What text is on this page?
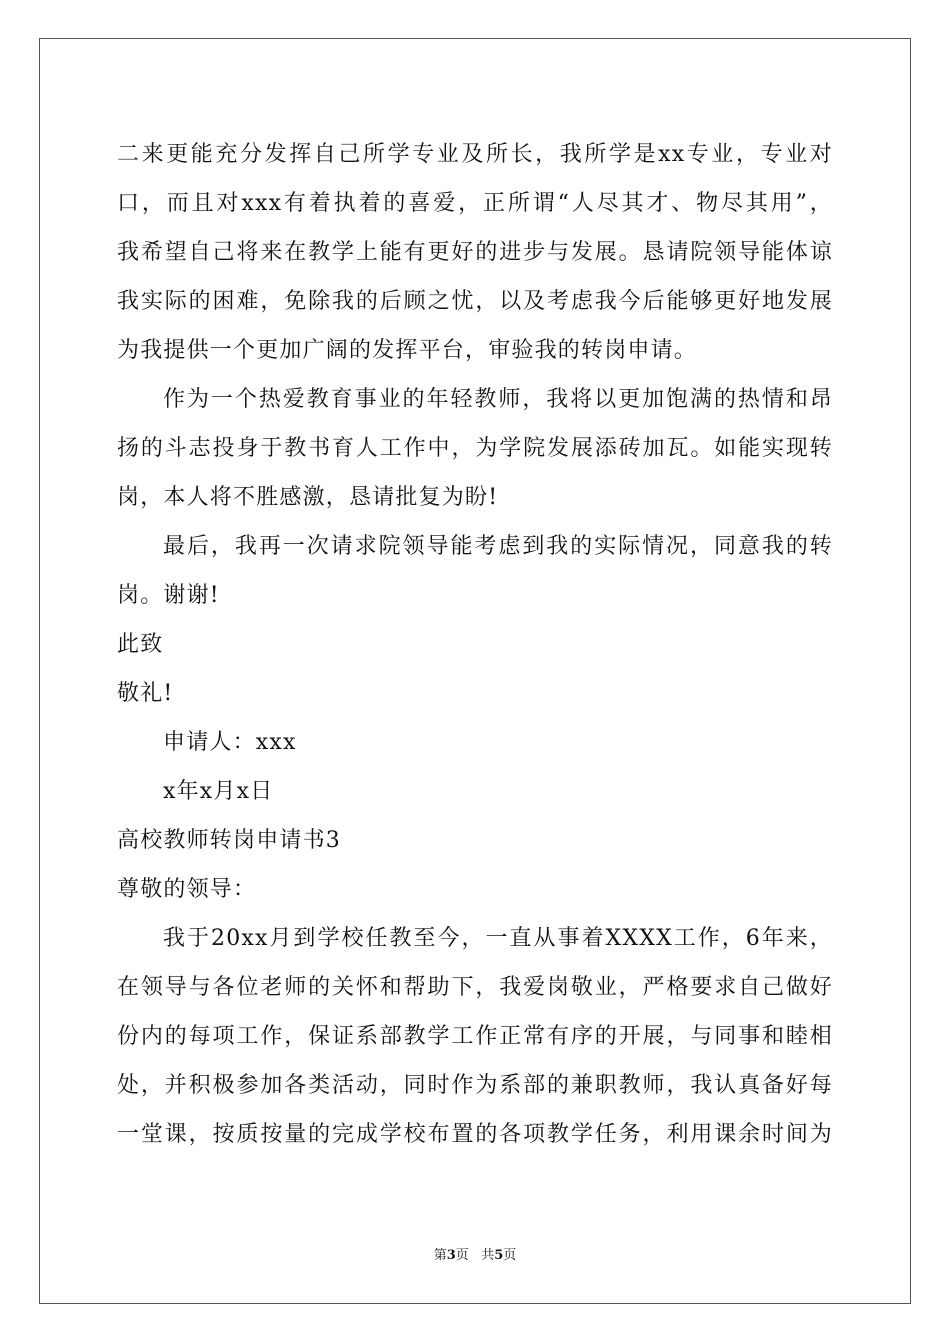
二来更能充分发挥自己所学专业及所长，我所学是xx专业，专业对
口，而且对xxx有着执着的喜爱，正所谓“人尽其才、物尽其用”，
我希望自己将来在教学上能有更好的进步与发展。恳请院领导能体谅
我实际的困难，免除我的后顾之忧，以及考虑我今后能够更好地发展
为我提供一个更加广阔的发挥平台，审验我的转岗申请。
作为一个热爱教育事业的年轻教师，我将以更加饱满的热情和昂
扬的斗志投身于教书育人工作中，为学院发展添砖加瓦。如能实现转
岗，本人将不胜感激，恳请批复为盼!
最后，我再一次请求院领导能考虑到我的实际情况，同意我的转
岗。谢谢!
此致
敬礼!
申请人：xxx
x年x月x日
高校教师转岗申请书3
尊敬的领导：
我于20xx月到学校任教至今，一直从事着XXXX工作，6年来，
在领导与各位老师的关怀和帮助下，我爱岗敬业，严格要求自己做好
份内的每项工作，保证系部教学工作正常有序的开展，与同事和睦相
处，并积极参加各类活动，同时作为系部的兼职教师，我认真备好每
一堂课，按质按量的完成学校布置的各项教学任务，利用课余时间为
第3页 共5页
